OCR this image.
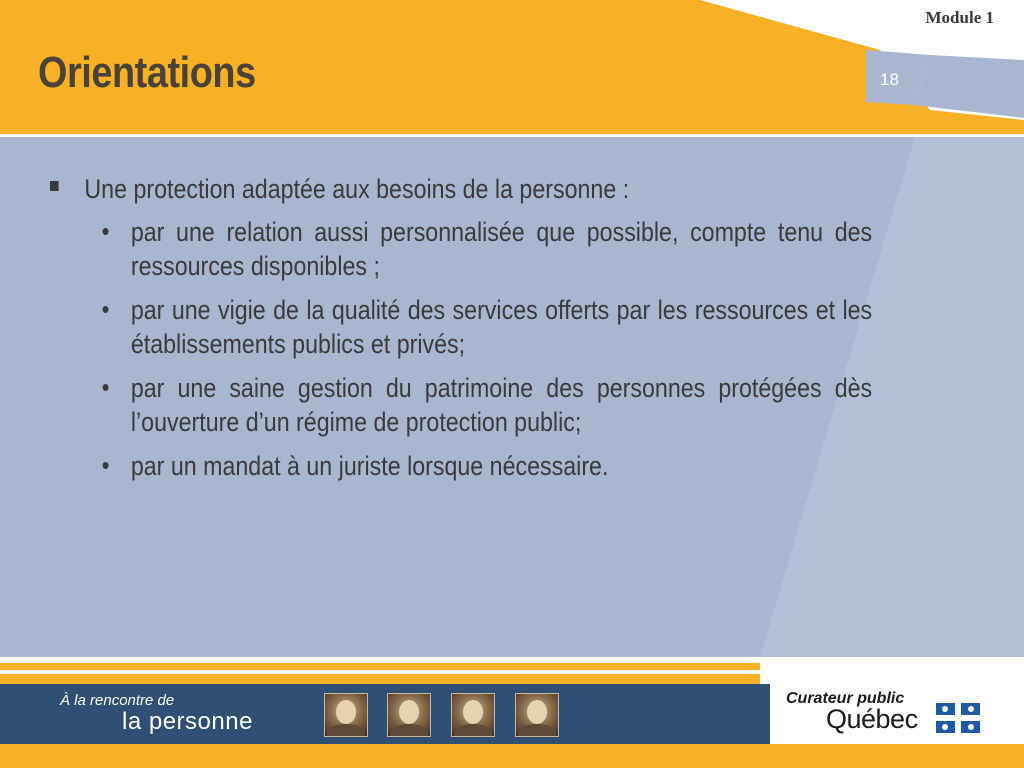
Module 1
Orientations	18
Une protection adaptée aux besoins de la personne :
• par une relation aussi personnalisée que possible, compte tenu des ressources disponibles ;
• par une vigie de la qualité des services offerts par les ressources et les établissements publics et privés;
• par une saine gestion du patrimoine des personnes protégées dès l’ouverture d’un régime de protection public;
• par un mandat à un juriste lorsque nécessaire.
À la rencontre de
la personne
Curateur public
Québec
